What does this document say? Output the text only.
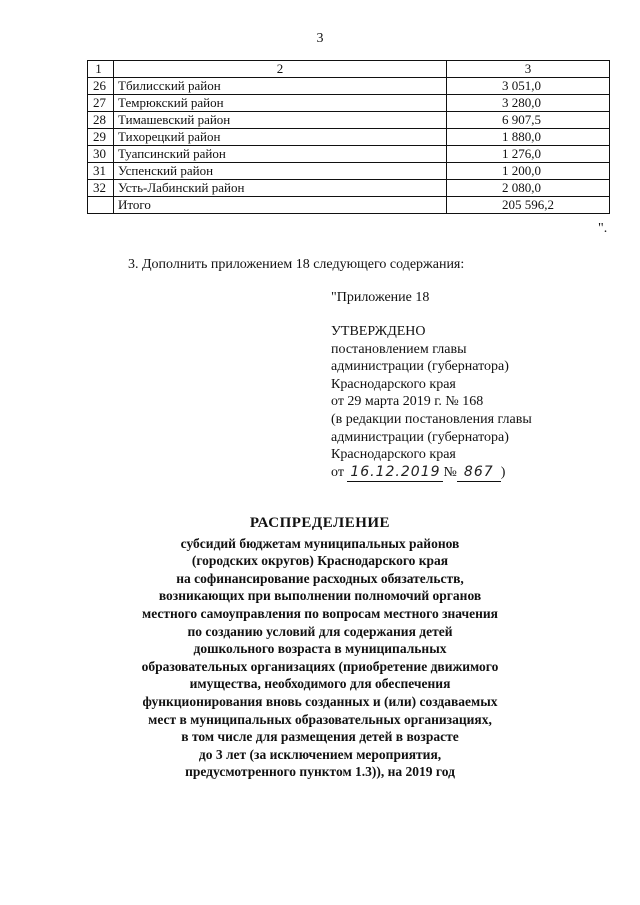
3
1	2	3
26	Тбилисский район	3 051,0
27	Темрюкский район	3 280,0
28	Тимашевский район	6 907,5
29	Тихорецкий район	1 880,0
30	Туапсинский район	1 276,0
31	Успенский район	1 200,0
32	Усть-Лабинский район	2 080,0
	Итого	205 596,2
".
3. Дополнить приложением 18 следующего содержания:
"Приложение 18
УТВЕРЖДЕНО
постановлением главы
администрации (губернатора)
Краснодарского края
от 29 марта 2019 г. № 168
(в редакции постановления главы
администрации (губернатора)
Краснодарского края
от 16.12.2019 № 867 )
РАСПРЕДЕЛЕНИЕ
субсидий бюджетам муниципальных районов
(городских округов) Краснодарского края
на софинансирование расходных обязательств,
возникающих при выполнении полномочий органов
местного самоуправления по вопросам местного значения
по созданию условий для содержания детей
дошкольного возраста в муниципальных
образовательных организациях (приобретение движимого
имущества, необходимого для обеспечения
функционирования вновь созданных и (или) создаваемых
мест в муниципальных образовательных организациях,
в том числе для размещения детей в возрасте
до 3 лет (за исключением мероприятия,
предусмотренного пунктом 1.3)), на 2019 год
